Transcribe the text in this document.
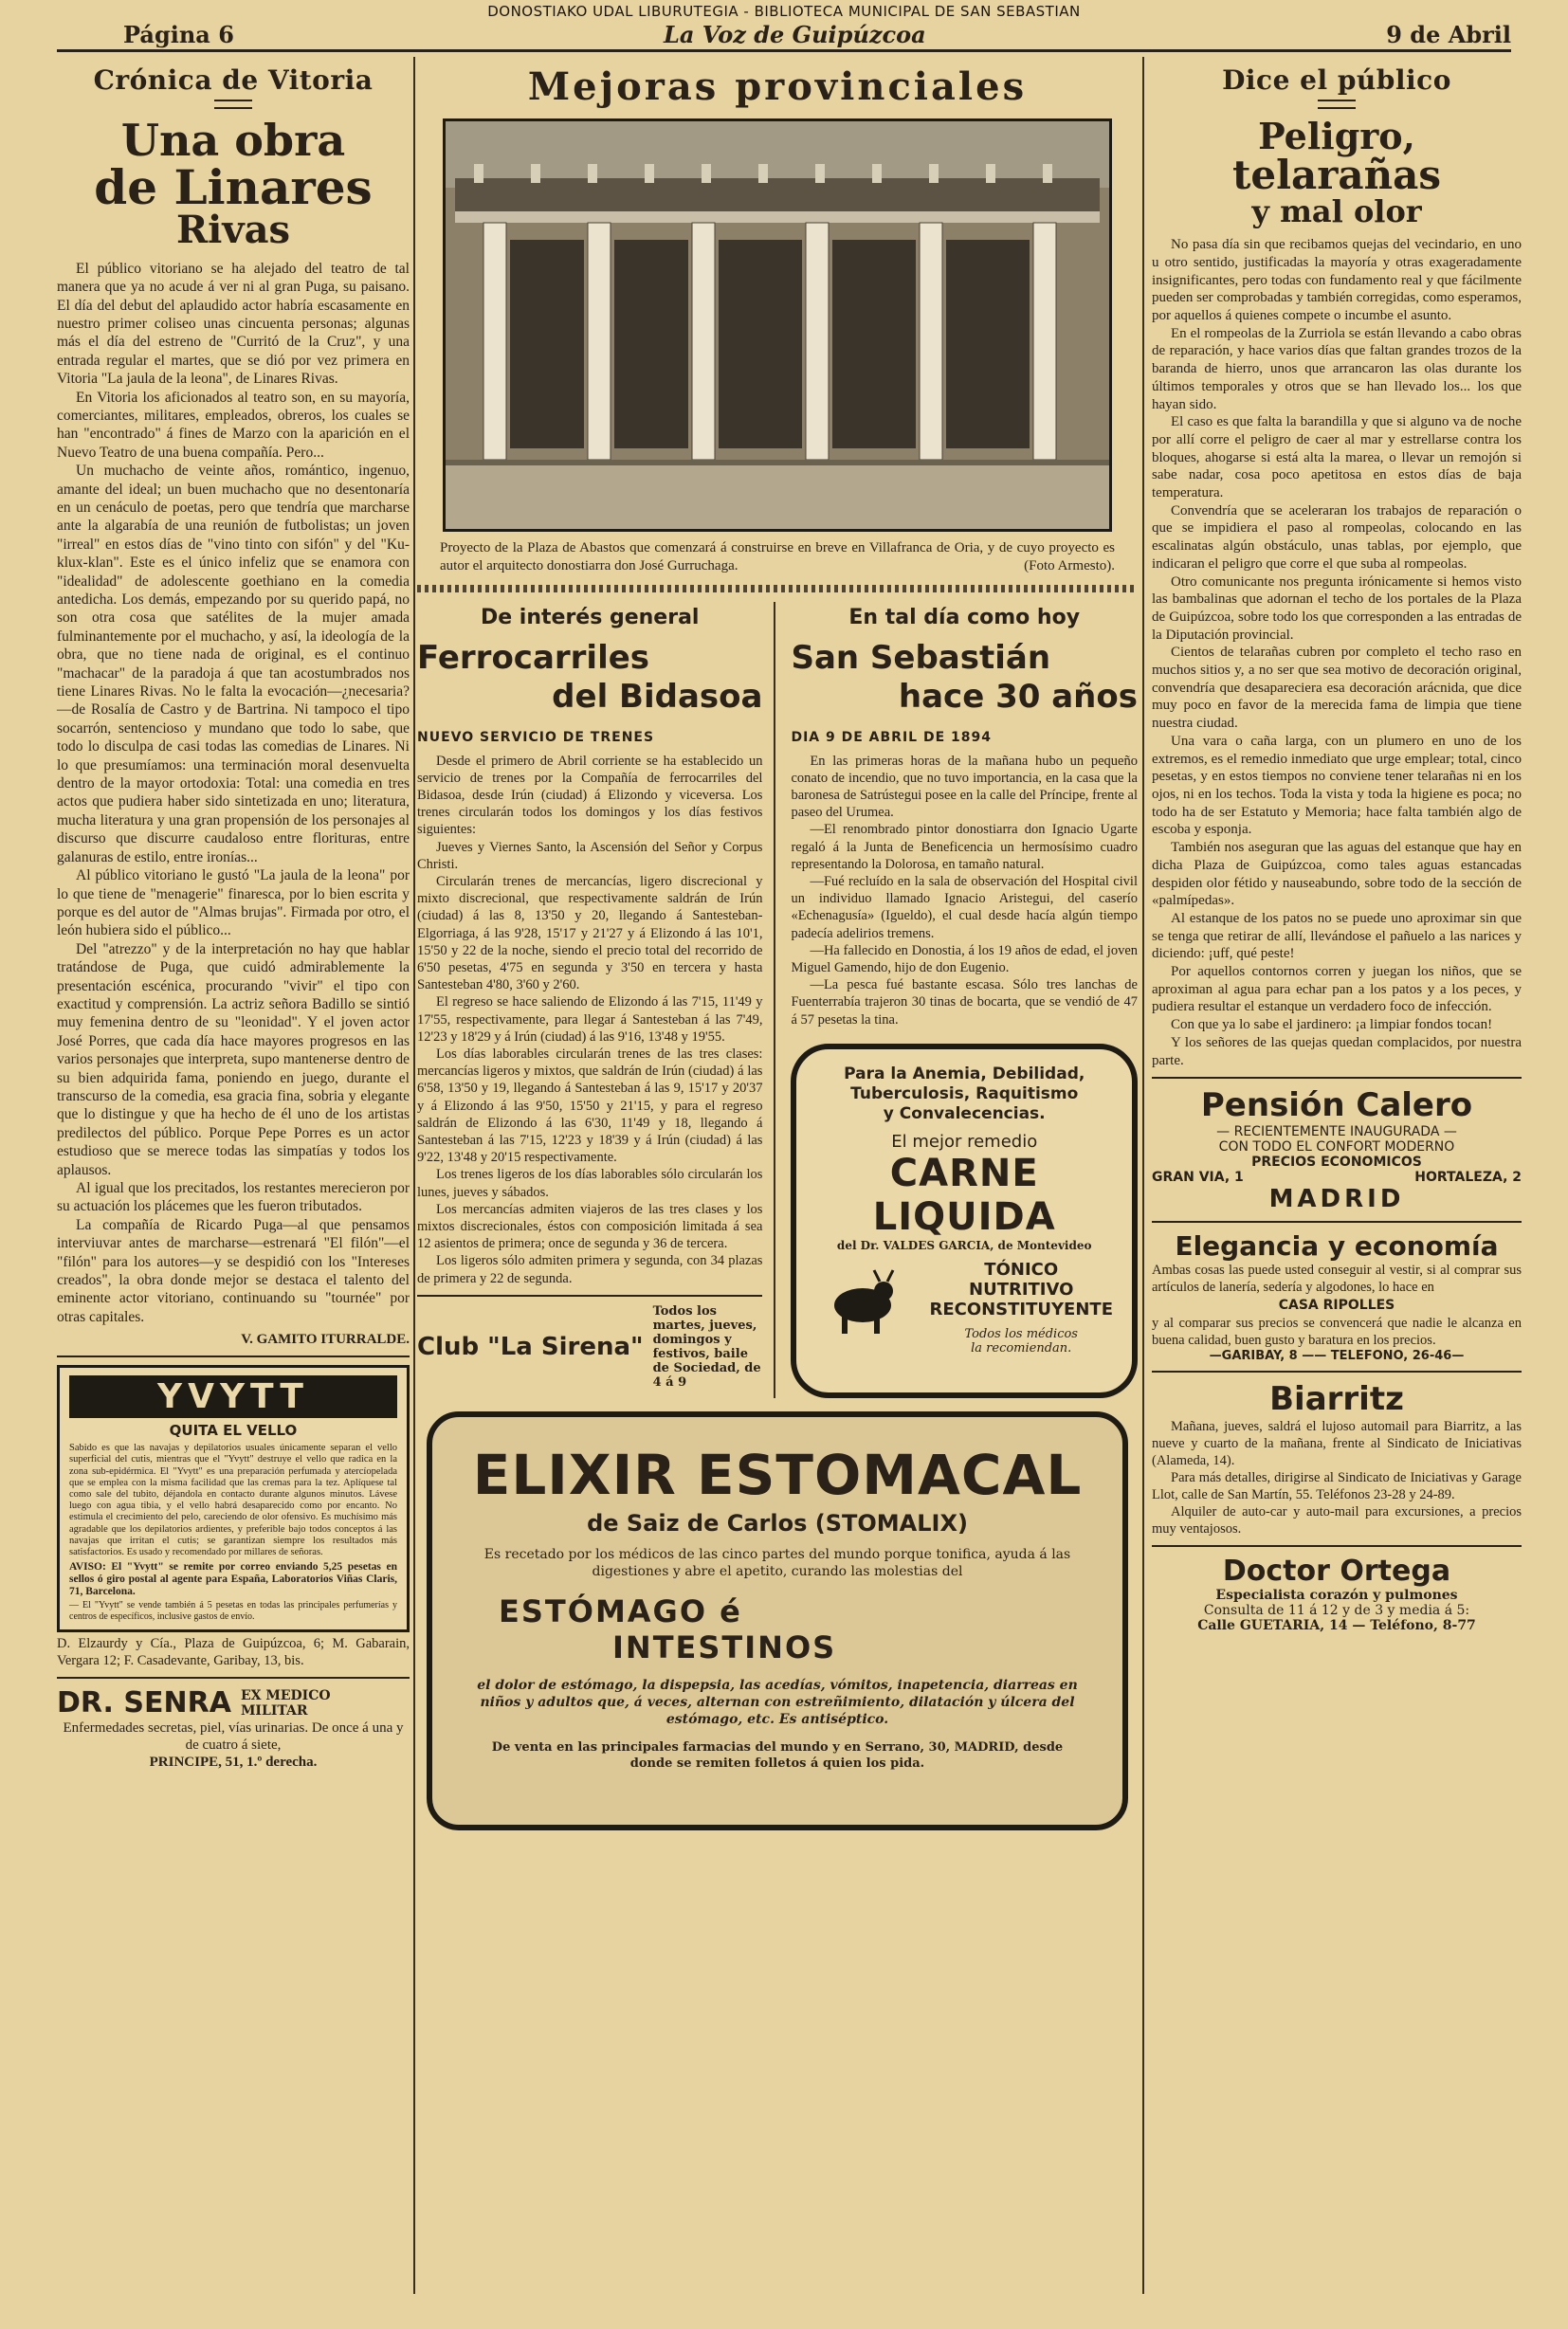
DONOSTIAKO UDAL LIBURUTEGIA - BIBLIOTECA MUNICIPAL DE SAN SEBASTIAN
Página 6	La Voz de Guipúzcoa	9 de Abril
Crónica de Vitoria
Una obra
de Linares
Rivas

El público vitoriano se ha alejado del teatro de tal manera que ya no acude á ver ni al gran Puga, su paisano. El día del debut del aplaudido actor habría escasamente en nuestro primer coliseo unas cincuenta personas; algunas más el día del estreno de "Curritó de la Cruz", y una entrada regular el martes, que se dió por vez primera en Vitoria "La jaula de la leona", de Linares Rivas.

En Vitoria los aficionados al teatro son, en su mayoría, comerciantes, militares, empleados, obreros, los cuales se han "encontrado" á fines de Marzo con la aparición en el Nuevo Teatro de una buena compañía. Pero...

Un muchacho de veinte años, romántico, ingenuo, amante del ideal; un buen muchacho que no desentonaría en un cenáculo de poetas, pero que tendría que marcharse ante la algarabía de una reunión de futbolistas; un joven "irreal" en estos días de "vino tinto con sifón" y del "Ku-klux-klan". Este es el único infeliz que se enamora con "idealidad" de adolescente goethiano en la comedia antedicha. Los demás, empezando por su querido papá, no son otra cosa que satélites de la mujer amada fulminantemente por el muchacho, y así, la ideología de la obra, que no tiene nada de original, es el continuo "machacar" de la paradoja á que tan acostumbrados nos tiene Linares Rivas. No le falta la evocación—¿necesaria?—de Rosalía de Castro y de Bartrina. Ni tampoco el tipo socarrón, sentencioso y mundano que todo lo sabe, que todo lo disculpa de casi todas las comedias de Linares. Ni lo que presumíamos: una terminación moral desenvuelta dentro de la mayor ortodoxia: Total: una comedia en tres actos que pudiera haber sido sintetizada en uno; literatura, mucha literatura y una gran propensión de los personajes al discurso que discurre caudaloso entre florituras, entre galanuras de estilo, entre ironías...

Al público vitoriano le gustó "La jaula de la leona" por lo que tiene de "menagerie" finaresca, por lo bien escrita y porque es del autor de "Almas brujas". Firmada por otro, el león hubiera sido el público...

Del "atrezzo" y de la interpretación no hay que hablar tratándose de Puga, que cuidó admirablemente la presentación escénica, procurando "vivir" el tipo con exactitud y comprensión. La actriz señora Badillo se sintió muy femenina dentro de su "leonidad". Y el joven actor José Porres, que cada día hace mayores progresos en las varios personajes que interpreta, supo mantenerse dentro de su bien adquirida fama, poniendo en juego, durante el transcurso de la comedia, esa gracia fina, sobria y elegante que lo distingue y que ha hecho de él uno de los artistas predilectos del público. Porque Pepe Porres es un actor estudioso que se merece todas las simpatías y todos los aplausos.

Al igual que los precitados, los restantes merecieron por su actuación los plácemes que les fueron tributados.

La compañía de Ricardo Puga—al que pensamos interviuvar antes de marcharse—estrenará "El filón"—el "filón" para los autores—y se despidió con los "Intereses creados", la obra donde mejor se destaca el talento del eminente actor vitoriano, continuando su "tournée" por otras capitales.

V. GAMITO ITURRALDE.
YVYTT
QUITA EL VELLO
Sabido es que las navajas y depilatorios usuales únicamente separan el vello superficial del cutis, mientras que el "Yvytt" destruye el vello que radica en la zona sub-epidérmica. El "Yvytt" es una preparación perfumada y atercíopelada que se emplea con la misma facilidad que las cremas para la tez. Aplíquese tal como sale del tubito, déjandola en contacto durante algunos minutos. Lávese luego con agua tibia, y el vello habrá desaparecido como por encanto. No estimula el crecimiento del pelo, careciendo de olor ofensivo. Es muchísimo más agradable que los depilatorios ardientes, y preferible bajo todos conceptos á las navajas que irritan el cutis; se garantizan siempre los resultados más satisfactorios. Es usado y recomendado por millares de señoras.
AVISO: El "Yvytt" se remite por correo enviando 5,25 pesetas en sellos ó giro postal al agente para España, Laboratorios Viñas Claris, 71, Barcelona.
— El "Yvytt" se vende también á 5 pesetas en todas las principales perfumerías y centros de específicos, inclusive gastos de envío.
D. Elzaurdy y Cía., Plaza de Guipúzcoa, 6; M. Gabarain, Vergara 12; F. Casadevante, Garibay, 13, bis.
DR. SENRA EX MEDICO MILITAR
Enfermedades secretas, piel, vías urinarias. De once á una y de cuatro á siete,
PRINCIPE, 51, 1.º derecha.
Mejoras provinciales
Proyecto de la Plaza de Abastos que comenzará á construirse en breve en Villafranca de Oria, y de cuyo proyecto es autor el arquitecto donostiarra don José Gurruchaga.	(Foto Armesto).
De interés general
Ferrocarriles
del Bidasoa
NUEVO SERVICIO DE TRENES

Desde el primero de Abril corriente se ha establecido un servicio de trenes por la Compañía de ferrocarriles del Bidasoa, desde Irún (ciudad) á Elizondo y viceversa. Los trenes circularán todos los domingos y los días festivos siguientes:

Jueves y Viernes Santo, la Ascensión del Señor y Corpus Christi.

Circularán trenes de mercancías, ligero discrecional y mixto discrecional, que respectivamente saldrán de Irún (ciudad) á las 8, 13'50 y 20, llegando á Santesteban-Elgorriaga, á las 9'28, 15'17 y 21'27 y á Elizondo á las 10'1, 15'50 y 22 de la noche, siendo el precio total del recorrido de 6'50 pesetas, 4'75 en segunda y 3'50 en tercera y hasta Santesteban 4'80, 3'60 y 2'60.

El regreso se hace saliendo de Elizondo á las 7'15, 11'49 y 17'55, respectivamente, para llegar á Santesteban á las 7'49, 12'23 y 18'29 y á Irún (ciudad) á las 9'16, 13'48 y 19'55.

Los días laborables circularán trenes de las tres clases: mercancías ligeros y mixtos, que saldrán de Irún (ciudad) á las 6'58, 13'50 y 19, llegando á Santesteban á las 9, 15'17 y 20'37 y á Elizondo á las 9'50, 15'50 y 21'15, y para el regreso saldrán de Elizondo á las 6'30, 11'49 y 18, llegando á Santesteban á las 7'15, 12'23 y 18'39 y á Irún (ciudad) á las 9'22, 13'48 y 20'15 respectivamente.

Los trenes ligeros de los días laborables sólo circularán los lunes, jueves y sábados.

Los mercancías admiten viajeros de las tres clases y los mixtos discrecionales, éstos con composición limitada á sea 12 asientos de primera; once de segunda y 36 de tercera.

Los ligeros sólo admiten primera y segunda, con 34 plazas de primera y 22 de segunda.

Club "La Sirena"
Todos los martes, jueves, domingos y festivos, baile de Sociedad, de 4 á 9
En tal día como hoy
San Sebastián
hace 30 años
DIA 9 DE ABRIL DE 1894

En las primeras horas de la mañana hubo un pequeño conato de incendio, que no tuvo importancia, en la casa que la baronesa de Satrústegui posee en la calle del Príncipe, frente al paseo del Urumea.

—El renombrado pintor donostiarra don Ignacio Ugarte regaló á la Junta de Beneficencia un hermosísimo cuadro representando la Dolorosa, en tamaño natural.

—Fué recluído en la sala de observación del Hospital civil un individuo llamado Ignacio Aristegui, del caserío «Echenagusía» (Igueldo), el cual desde hacía algún tiempo padecía adelirios tremens.

—Ha fallecido en Donostia, á los 19 años de edad, el joven Miguel Gamendo, hijo de don Eugenio.

—La pesca fué bastante escasa. Sólo tres lanchas de Fuenterrabía trajeron 30 tinas de bocarta, que se vendió de 47 á 57 pesetas la tina.

Para la Anemia, Debilidad,
Tuberculosis, Raquitismo
y Convalecencias.
El mejor remedio
CARNE LIQUIDA
del Dr. VALDES GARCIA, de Montevideo
TÓNICO NUTRITIVO
RECONSTITUYENTE
Todos los médicos
la recomiendan.
ELIXIR ESTOMACAL
de Saiz de Carlos (STOMALIX)
Es recetado por los médicos de las cinco partes del mundo porque tonifica, ayuda á las digestiones y abre el apetito, curando las molestias del
ESTÓMAGO é
INTESTINOS
el dolor de estómago, la dispepsia, las acedías, vómitos, inapetencia, diarreas en niños y adultos que, á veces, alternan con estreñimiento, dilatación y úlcera del estómago, etc. Es antiséptico.
De venta en las principales farmacias del mundo y en Serrano, 30, MADRID, desde donde se remiten folletos á quien los pida.
Dice el público
Peligro,
telarañas
y mal olor

No pasa día sin que recibamos quejas del vecindario, en uno u otro sentido, justificadas la mayoría y otras exageradamente insignificantes, pero todas con fundamento real y que fácilmente pueden ser comprobadas y también corregidas, como esperamos, por aquellos á quienes compete o incumbe el asunto.

En el rompeolas de la Zurriola se están llevando a cabo obras de reparación, y hace varios días que faltan grandes trozos de la baranda de hierro, unos que arrancaron las olas durante los últimos temporales y otros que se han llevado los... los que hayan sido.

El caso es que falta la barandilla y que si alguno va de noche por allí corre el peligro de caer al mar y estrellarse contra los bloques, ahogarse si está alta la marea, o llevar un remojón si sabe nadar, cosa poco apetitosa en estos días de baja temperatura.

Convendría que se aceleraran los trabajos de reparación o que se impidiera el paso al rompeolas, colocando en las escalinatas algún obstáculo, unas tablas, por ejemplo, que indicaran el peligro que corre el que suba al rompeolas.

Otro comunicante nos pregunta irónicamente si hemos visto las bambalinas que adornan el techo de los portales de la Plaza de Guipúzcoa, sobre todo los que corresponden a las entradas de la Diputación provincial.

Cientos de telarañas cubren por completo el techo raso en muchos sitios y, a no ser que sea motivo de decoración original, convendría que desapareciera esa decoración arácnida, que dice muy poco en favor de la merecida fama de limpia que tiene nuestra ciudad.

Una vara o caña larga, con un plumero en uno de los extremos, es el remedio inmediato que urge emplear; total, cinco pesetas, y en estos tiempos no conviene tener telarañas ni en los ojos, ni en los techos. Toda la vista y toda la higiene es poca; no todo ha de ser Estatuto y Memoria; hace falta también algo de escoba y esponja.

También nos aseguran que las aguas del estanque que hay en dicha Plaza de Guipúzcoa, como tales aguas estancadas despiden olor fétido y nauseabundo, sobre todo de la sección de «palmípedas».

Al estanque de los patos no se puede uno aproximar sin que se tenga que retirar de allí, llevándose el pañuelo a las narices y diciendo: ¡uff, qué peste!

Por aquellos contornos corren y juegan los niños, que se aproximan al agua para echar pan a los patos y a los peces, y pudiera resultar el estanque un verdadero foco de infección.

Con que ya lo sabe el jardinero: ¡a limpiar fondos tocan!

Y los señores de las quejas quedan complacidos, por nuestra parte.

Pensión Calero
— RECIENTEMENTE INAUGURADA —
CON TODO EL CONFORT MODERNO
PRECIOS ECONOMICOS
GRAN VIA, 1	HORTALEZA, 2
MADRID
Elegancia y economía
Ambas cosas las puede usted conseguir al vestir, si al comprar sus artículos de lanería, sedería y algodones, lo hace en
CASA RIPOLLES
y al comparar sus precios se convencerá que nadie le alcanza en buena calidad, buen gusto y baratura en los precios.
—GARIBAY, 8 —— TELEFONO, 26-46—
Biarritz

Mañana, jueves, saldrá el lujoso automail para Biarritz, a las nueve y cuarto de la mañana, frente al Sindicato de Iniciativas (Alameda, 14).

Para más detalles, dirigirse al Sindicato de Iniciativas y Garage Llot, calle de San Martín, 55. Teléfonos 23-28 y 24-89.

Alquiler de auto-car y auto-mail para excursiones, a precios muy ventajosos.

Doctor Ortega
Especialista corazón y pulmones
Consulta de 11 á 12 y de 3 y media á 5:
Calle GUETARIA, 14 — Teléfono, 8-77
